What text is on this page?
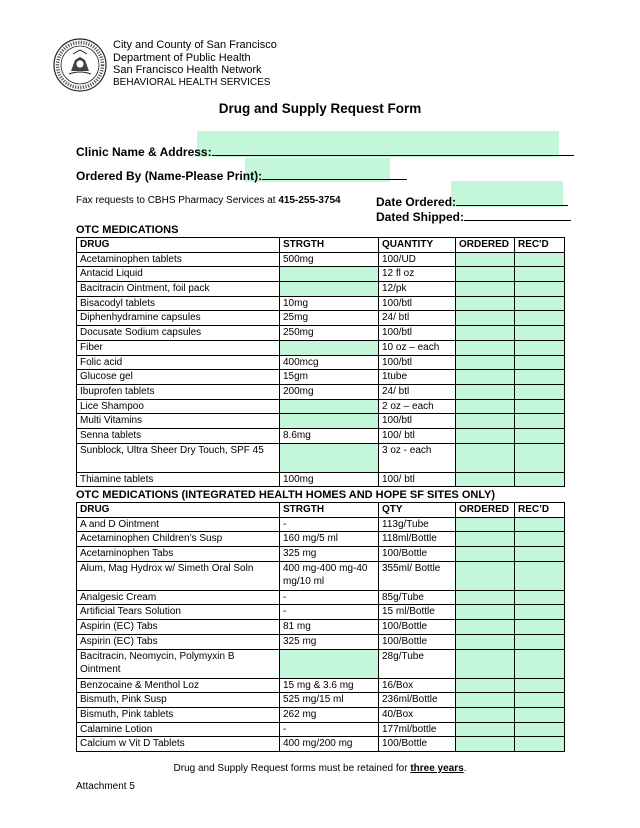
City and County of San Francisco
Department of Public Health
San Francisco Health Network
BEHAVIORAL HEALTH SERVICES
Drug and Supply Request Form
Clinic Name & Address:
Ordered By (Name-Please Print):
Fax requests to CBHS Pharmacy Services at 415-255-3754	Date Ordered:
Dated Shipped:
OTC MEDICATIONS
DRUG	STRGTH	QUANTITY	ORDERED	REC'D
Acetaminophen tablets	500mg	100/UD		
Antacid Liquid		12 fl oz		
Bacitracin Ointment, foil pack		12/pk		
Bisacodyl tablets	10mg	100/btl		
Diphenhydramine capsules	25mg	24/ btl		
Docusate Sodium capsules	250mg	100/btl		
Fiber		10 oz – each		
Folic acid	400mcg	100/btl		
Glucose gel	15gm	1tube		
Ibuprofen tablets	200mg	24/ btl		
Lice Shampoo		2 oz – each		
Multi Vitamins		100/btl		
Senna tablets	8.6mg	100/ btl		
Sunblock, Ultra Sheer Dry Touch, SPF 45		3 oz - each		
Thiamine tablets	100mg	100/ btl		
OTC MEDICATIONS (INTEGRATED HEALTH HOMES AND HOPE SF SITES ONLY)
DRUG	STRGTH	QTY	ORDERED	REC’D
A and D Ointment	-	113g/Tube		
Acetaminophen Children’s Susp	160 mg/5 ml	118ml/Bottle		
Acetaminophen Tabs	325 mg	100/Bottle		
Alum, Mag Hydrox w/ Simeth Oral Soln	400 mg-400 mg-40 mg/10 ml	355ml/ Bottle		
Analgesic Cream	-	85g/Tube		
Artificial Tears Solution	-	15 ml/Bottle		
Aspirin (EC) Tabs	81 mg	100/Bottle		
Aspirin (EC) Tabs	325 mg	100/Bottle		
Bacitracin, Neomycin, Polymyxin B Ointment		28g/Tube		
Benzocaine & Menthol Loz	15 mg & 3.6 mg	16/Box		
Bismuth, Pink Susp	525 mg/15 ml	236ml/Bottle		
Bismuth, Pink tablets	262 mg	40/Box		
Calamine Lotion	-	177ml/bottle		
Calcium w Vit D Tablets	400 mg/200 mg	100/Bottle		
Drug and Supply Request forms must be retained for three years.
Attachment 5
